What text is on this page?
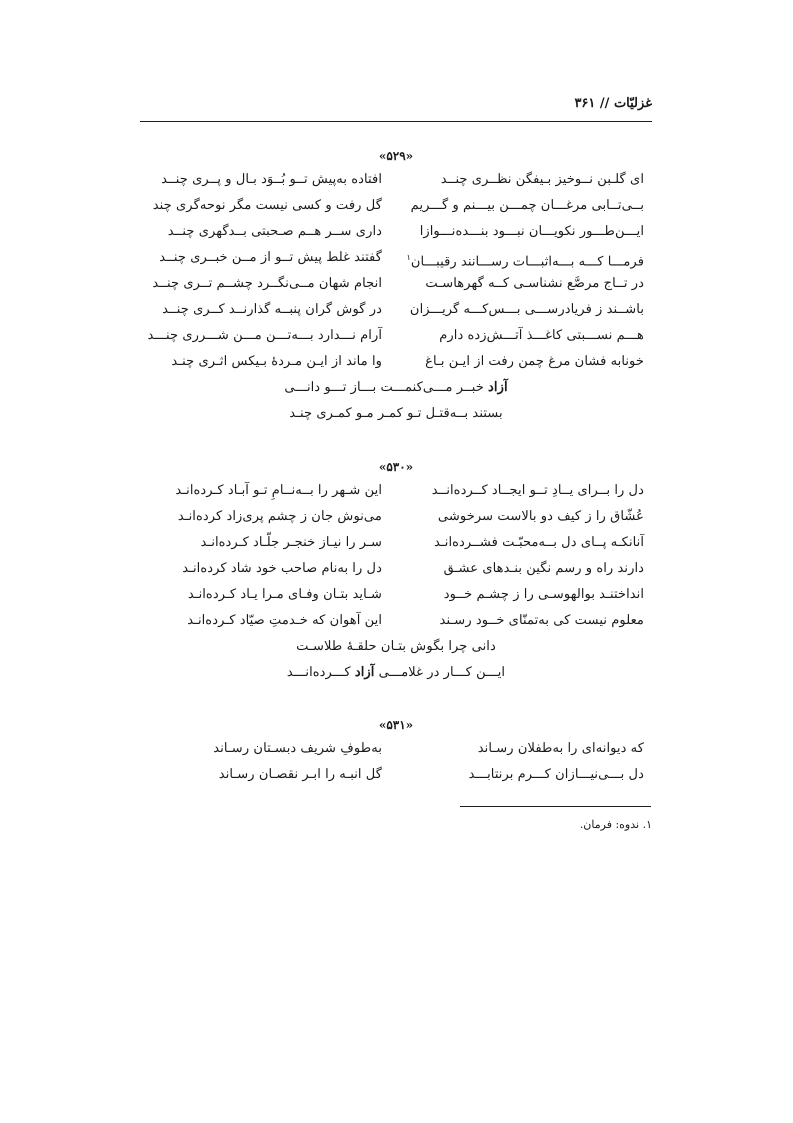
غزلیّات // ۳۶۱
«۵۲۹»
ای گلـبن نــوخیز بـیفگن نظــری چنــد
افتاده به‌پیش تــو بُــوَد بـال و پــری چنــد
بــی‌تــابی مرغـــان چمـــن بیـــنم و گـــریم
گل رفت و کسی نیست مگر نوحه‌گری چند
ایـــن‌طـــور نکویـــان نبـــود بنـــده‌نـــوازا
داری ســر هــم صـحبتی بــدگهری چنــد
فرمـــا کـــه بـــه‌اثبـــات رســـانند رقیبـــان$^۱$
گفتند غلط پیش تــو از مــن خبــری چنــد
در تــاج مرصَّع نشناسـی کــه گهرهاسـت
انجام شهان مــی‌نگــرد چشــم تــری چنــد
باشــند ز فریادرســـی بـــس‌کـــه گریـــزان
در گوش گران پنبــه گذارنــد کــری چنــد
هـــم نســـبتی کاغـــذ آتـــش‌زده دارم
آرام نـــدارد بـــه‌تـــن مـــن شـــرری چنـــد
خونابه فشان مرغ چمن رفت از ایـن بـاغ
وا ماند از ایـن مـردهٔ بـیکس اثـری چنـد
آزاد خبــر مـــی‌کنمـــت بـــاز تـــو دانـــی
بستند بــه‌قتـل تـو کمـر مـو کمـری چنـد
«۵۳۰»
دل را بــرای یــادِ تــو ایجــاد کــرده‌انــد
این شـهر را بــه‌نــامِ تـو آبـاد کـرده‌انـد
عُشّاق را ز کیف دو بالاست سرخوشی
می‌نوش جان ز چشم پری‌زاد کرده‌انـد
آنانکـه پــای دل بــه‌محبّـت فشــرده‌انـد
سـر را نیـاز خنجـر جلّـاد کـرده‌انـد
دارند راه و رسم نگین بنـدهای عشـق
دل را به‌نام صاحب خود شاد کرده‌انـد
انداختنـد بوالهوسـی را ز چشـم خــود
شـاید بتـان وفـای مـرا یـاد کـرده‌انـد
معلوم نیست کی به‌تمنّای خــود رسـند
این آهوان که خـدمتِ صیّاد کـرده‌انـد
دانی چرا بگوش بتـان حلقـهٔ طلاسـت
ایـــن کـــار در غلامـــی آزاد کـــرده‌انـــد
«۵۳۱»
که دیوانه‌ای را به‌طفلان رسـاند
به‌طوفِ شریف دبسـتان رسـاند
دل بـــی‌نیـــازان کـــرم برنتابـــد
گل انبـه را ابـر نقصـان رسـاند
۱. ندوه: فرمان.
